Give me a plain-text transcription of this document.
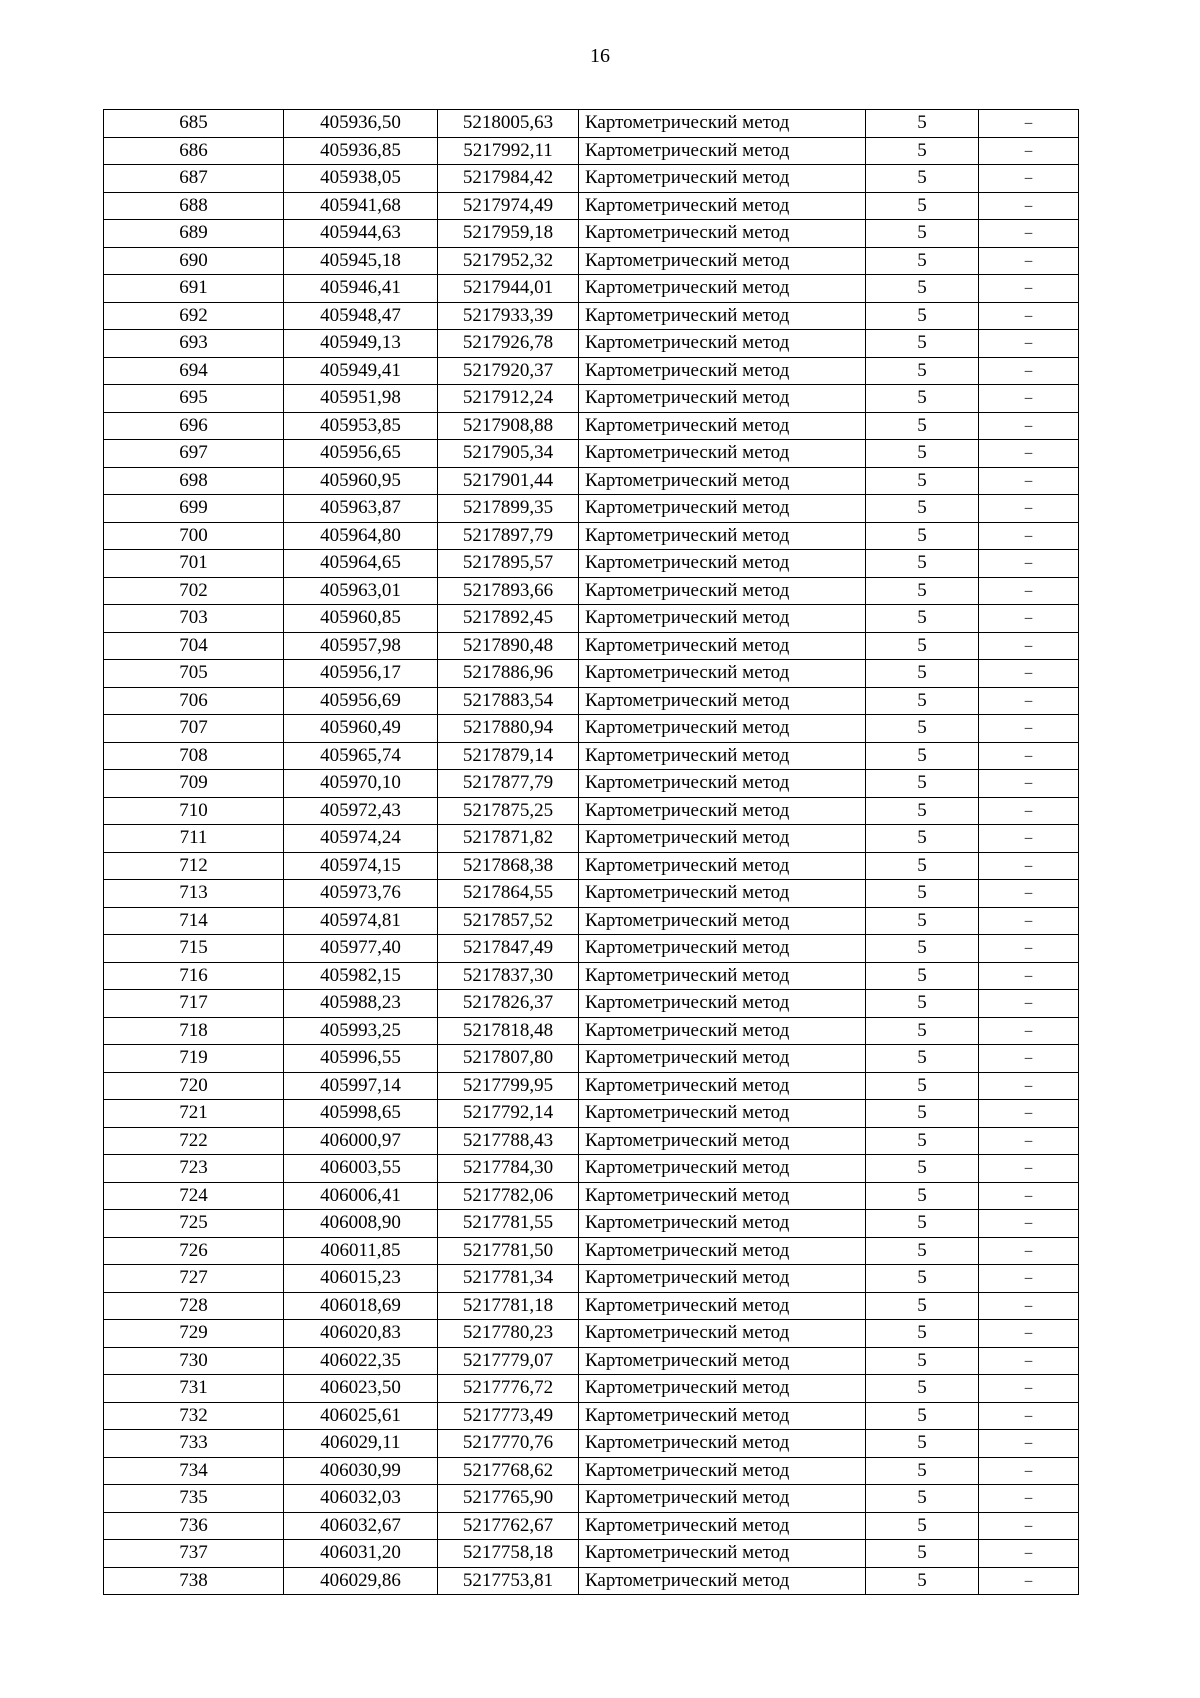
16
685	405936,50	5218005,63	Картометрический метод	5	–
686	405936,85	5217992,11	Картометрический метод	5	–
687	405938,05	5217984,42	Картометрический метод	5	–
688	405941,68	5217974,49	Картометрический метод	5	–
689	405944,63	5217959,18	Картометрический метод	5	–
690	405945,18	5217952,32	Картометрический метод	5	–
691	405946,41	5217944,01	Картометрический метод	5	–
692	405948,47	5217933,39	Картометрический метод	5	–
693	405949,13	5217926,78	Картометрический метод	5	–
694	405949,41	5217920,37	Картометрический метод	5	–
695	405951,98	5217912,24	Картометрический метод	5	–
696	405953,85	5217908,88	Картометрический метод	5	–
697	405956,65	5217905,34	Картометрический метод	5	–
698	405960,95	5217901,44	Картометрический метод	5	–
699	405963,87	5217899,35	Картометрический метод	5	–
700	405964,80	5217897,79	Картометрический метод	5	–
701	405964,65	5217895,57	Картометрический метод	5	–
702	405963,01	5217893,66	Картометрический метод	5	–
703	405960,85	5217892,45	Картометрический метод	5	–
704	405957,98	5217890,48	Картометрический метод	5	–
705	405956,17	5217886,96	Картометрический метод	5	–
706	405956,69	5217883,54	Картометрический метод	5	–
707	405960,49	5217880,94	Картометрический метод	5	–
708	405965,74	5217879,14	Картометрический метод	5	–
709	405970,10	5217877,79	Картометрический метод	5	–
710	405972,43	5217875,25	Картометрический метод	5	–
711	405974,24	5217871,82	Картометрический метод	5	–
712	405974,15	5217868,38	Картометрический метод	5	–
713	405973,76	5217864,55	Картометрический метод	5	–
714	405974,81	5217857,52	Картометрический метод	5	–
715	405977,40	5217847,49	Картометрический метод	5	–
716	405982,15	5217837,30	Картометрический метод	5	–
717	405988,23	5217826,37	Картометрический метод	5	–
718	405993,25	5217818,48	Картометрический метод	5	–
719	405996,55	5217807,80	Картометрический метод	5	–
720	405997,14	5217799,95	Картометрический метод	5	–
721	405998,65	5217792,14	Картометрический метод	5	–
722	406000,97	5217788,43	Картометрический метод	5	–
723	406003,55	5217784,30	Картометрический метод	5	–
724	406006,41	5217782,06	Картометрический метод	5	–
725	406008,90	5217781,55	Картометрический метод	5	–
726	406011,85	5217781,50	Картометрический метод	5	–
727	406015,23	5217781,34	Картометрический метод	5	–
728	406018,69	5217781,18	Картометрический метод	5	–
729	406020,83	5217780,23	Картометрический метод	5	–
730	406022,35	5217779,07	Картометрический метод	5	–
731	406023,50	5217776,72	Картометрический метод	5	–
732	406025,61	5217773,49	Картометрический метод	5	–
733	406029,11	5217770,76	Картометрический метод	5	–
734	406030,99	5217768,62	Картометрический метод	5	–
735	406032,03	5217765,90	Картометрический метод	5	–
736	406032,67	5217762,67	Картометрический метод	5	–
737	406031,20	5217758,18	Картометрический метод	5	–
738	406029,86	5217753,81	Картометрический метод	5	–
